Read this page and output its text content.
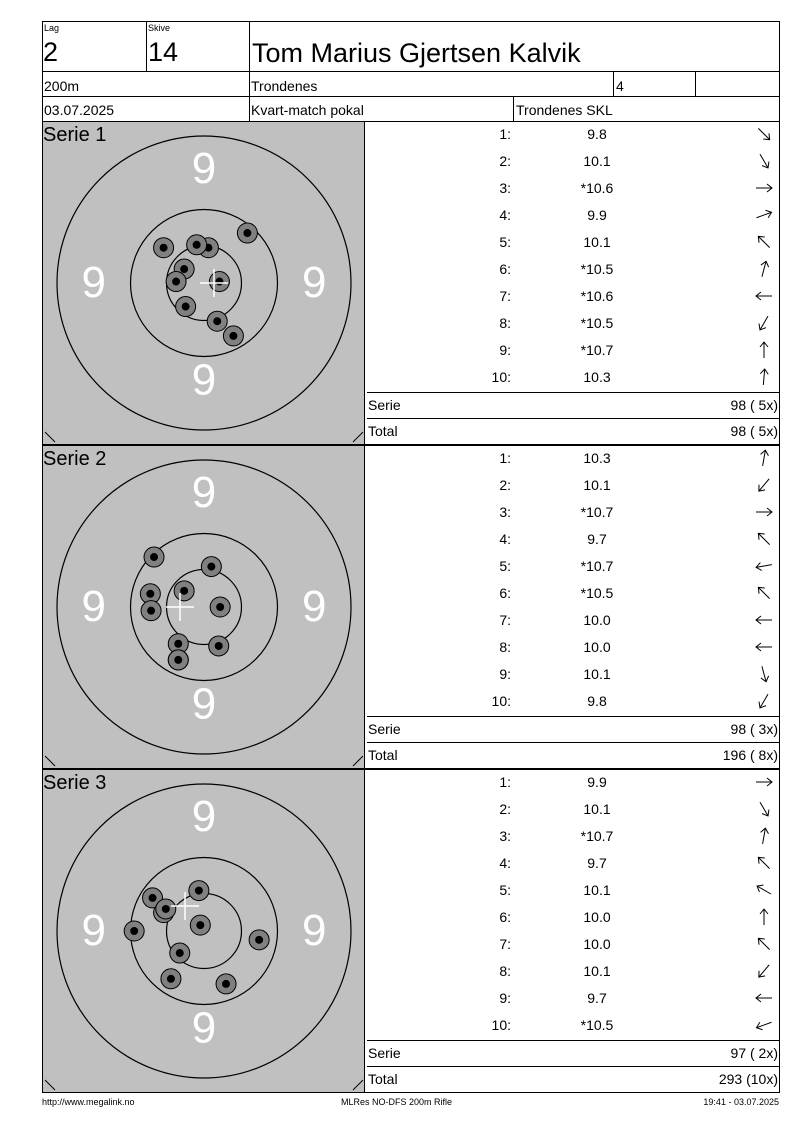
Lag
2
Skive
14	Tom Marius Gjertsen Kalvik
200m	Trondenes	4
03.07.2025	Kvart-match pokal	Trondenes SKL
9
9
9	9
Serie 1	1:	9.8
2:	10.1
3:	*10.6
4:	9.9
5:	10.1
6:	*10.5
7:	*10.6
8:	*10.5
9:	*10.7
10:	10.3
Serie	98 ( 5x)
Total	98 ( 5x)
9
9
9	9
Serie 2	1:	10.3
2:	10.1
3:	*10.7
4:	9.7
5:	*10.7
6:	*10.5
7:	10.0
8:	10.0
9:	10.1
10:	9.8
Serie	98 ( 3x)
Total	196 ( 8x)
9
9
9	9
Serie 3	1:	9.9
2:	10.1
3:	*10.7
4:	9.7
5:	10.1
6:	10.0
7:	10.0
8:	10.1
9:	9.7
10:	*10.5
Serie	97 ( 2x)
Total	293 (10x)
http://www.megalink.no	MLRes NO-DFS 200m Rifle	19:41 - 03.07.2025
